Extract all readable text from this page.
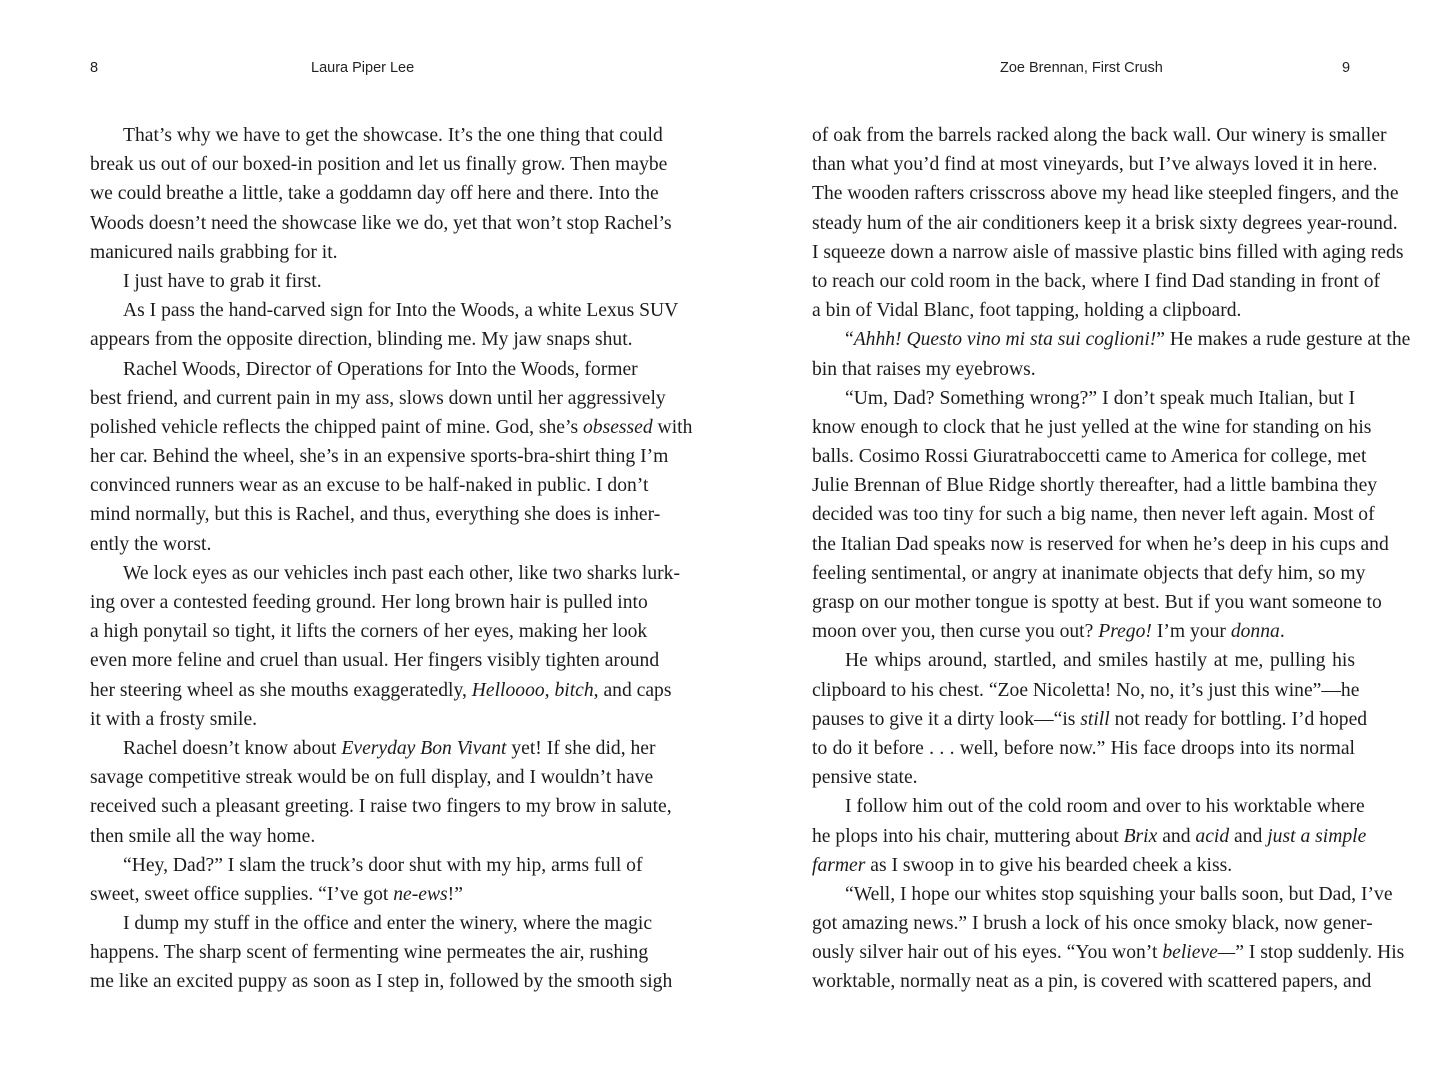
8	Laura Piper Lee
That’s why we have to get the showcase. It’s the one thing that could
break us out of our boxed-in position and let us finally grow. Then maybe
we could breathe a little, take a goddamn day off here and there. Into the
Woods doesn’t need the showcase like we do, yet that won’t stop Rachel’s
manicured nails grabbing for it.
I just have to grab it first.
As I pass the hand-carved sign for Into the Woods, a white Lexus SUV
appears from the opposite direction, blinding me. My jaw snaps shut.
Rachel Woods, Director of Operations for Into the Woods, former
best friend, and current pain in my ass, slows down until her aggressively
polished vehicle reflects the chipped paint of mine. God, she’s obsessed with
her car. Behind the wheel, she’s in an expensive sports-bra-shirt thing I’m
convinced runners wear as an excuse to be half-naked in public. I don’t
mind normally, but this is Rachel, and thus, everything she does is inher-
ently the worst.
We lock eyes as our vehicles inch past each other, like two sharks lurk-
ing over a contested feeding ground. Her long brown hair is pulled into
a high ponytail so tight, it lifts the corners of her eyes, making her look
even more feline and cruel than usual. Her fingers visibly tighten around
her steering wheel as she mouths exaggeratedly, Helloooo, bitch, and caps
it with a frosty smile.
Rachel doesn’t know about Everyday Bon Vivant yet! If she did, her
savage competitive streak would be on full display, and I wouldn’t have
received such a pleasant greeting. I raise two fingers to my brow in salute,
then smile all the way home.
“Hey, Dad?” I slam the truck’s door shut with my hip, arms full of
sweet, sweet office supplies. “I’ve got ne-ews!”
I dump my stuff in the office and enter the winery, where the magic
happens. The sharp scent of fermenting wine permeates the air, rushing
me like an excited puppy as soon as I step in, followed by the smooth sigh
Zoe Brennan, First Crush	9
of oak from the barrels racked along the back wall. Our winery is smaller
than what you’d find at most vineyards, but I’ve always loved it in here.
The wooden rafters crisscross above my head like steepled fingers, and the
steady hum of the air conditioners keep it a brisk sixty degrees year-round.
I squeeze down a narrow aisle of massive plastic bins filled with aging reds
to reach our cold room in the back, where I find Dad standing in front of
a bin of Vidal Blanc, foot tapping, holding a clipboard.
“Ahhh! Questo vino mi sta sui coglioni!” He makes a rude gesture at the
bin that raises my eyebrows.
“Um, Dad? Something wrong?” I don’t speak much Italian, but I
know enough to clock that he just yelled at the wine for standing on his
balls. Cosimo Rossi Giuratraboccetti came to America for college, met
Julie Brennan of Blue Ridge shortly thereafter, had a little bambina they
decided was too tiny for such a big name, then never left again. Most of
the Italian Dad speaks now is reserved for when he’s deep in his cups and
feeling sentimental, or angry at inanimate objects that defy him, so my
grasp on our mother tongue is spotty at best. But if you want someone to
moon over you, then curse you out? Prego! I’m your donna.
He whips around, startled, and smiles hastily at me, pulling his
clipboard to his chest. “Zoe Nicoletta! No, no, it’s just this wine”—he
pauses to give it a dirty look—“is still not ready for bottling. I’d hoped
to do it before . . . well, before now.” His face droops into its normal
pensive state.
I follow him out of the cold room and over to his worktable where
he plops into his chair, muttering about Brix and acid and just a simple
farmer as I swoop in to give his bearded cheek a kiss.
“Well, I hope our whites stop squishing your balls soon, but Dad, I’ve
got amazing news.” I brush a lock of his once smoky black, now gener-
ously silver hair out of his eyes. “You won’t believe—” I stop suddenly. His
worktable, normally neat as a pin, is covered with scattered papers, and
